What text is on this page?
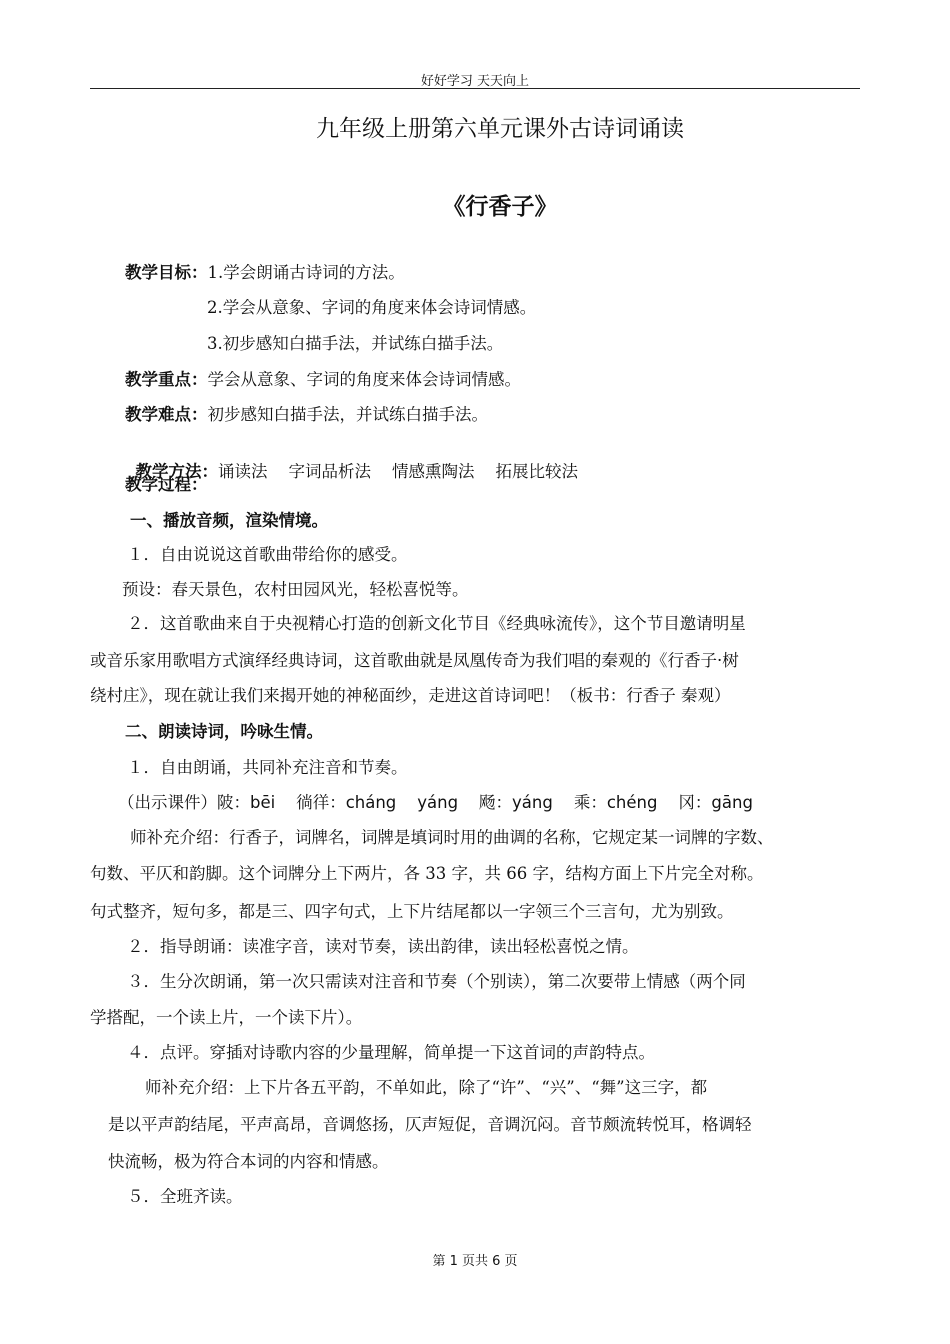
好好学习 天天向上
九年级上册第六单元课外古诗词诵读
《行香子》
教学目标：1.学会朗诵古诗词的方法。
2.学会从意象、字词的角度来体会诗词情感。
3.初步感知白描手法，并试练白描手法。
教学重点：学会从意象、字词的角度来体会诗词情感。
教学难点：初步感知白描手法，并试练白描手法。

教学方法：诵读法    字词品析法    情感熏陶法    拓展比较法

教学过程：
一、播放音频，渲染情境。
１．自由说说这首歌曲带给你的感受。
预设：春天景色，农村田园风光，轻松喜悦等。
２．这首歌曲来自于央视精心打造的创新文化节目《经典咏流传》，这个节目邀请明星
或音乐家用歌唱方式演绎经典诗词，这首歌曲就是凤凰传奇为我们唱的秦观的《行香子·树
绕村庄》，现在就让我们来揭开她的神秘面纱，走进这首诗词吧！（板书：行香子 秦观）
二、朗读诗词，吟咏生情。
１．自由朗诵，共同补充注音和节奏。
（出示课件）陂：bēi    徜徉：cháng    yáng    飏：yáng    乘：chéng    冈：gāng
师补充介绍：行香子，词牌名，词牌是填词时用的曲调的名称，它规定某一词牌的字数、
句数、平仄和韵脚。这个词牌分上下两片，各 33 字，共 66 字，结构方面上下片完全对称。
句式整齐，短句多，都是三、四字句式，上下片结尾都以一字领三个三言句，尤为别致。
２．指导朗诵：读准字音，读对节奏，读出韵律，读出轻松喜悦之情。
３．生分次朗诵，第一次只需读对注音和节奏（个别读），第二次要带上情感（两个同
学搭配，一个读上片，一个读下片）。
４．点评。穿插对诗歌内容的少量理解，简单提一下这首词的声韵特点。
师补充介绍：上下片各五平韵，不单如此，除了“许”、“兴”、“舞”这三字，都
是以平声韵结尾，平声高昂，音调悠扬，仄声短促，音调沉闷。音节颇流转悦耳，格调轻
快流畅，极为符合本词的内容和情感。
５．全班齐读。
第 1 页共 6 页
